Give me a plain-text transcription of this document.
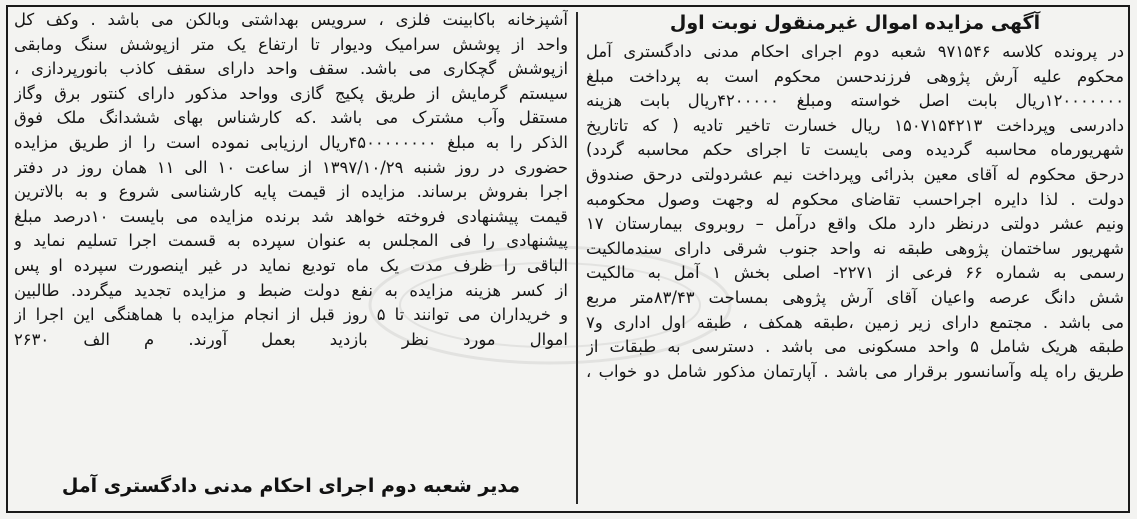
آگهی مزایده اموال غیرمنقول نوبت اول
در پرونده کلاسه ۹۷۱۵۴۶ شعبه دوم اجرای احکام مدنی دادگستری آمل
محکوم علیه آرش پژوهی فرزندحسن محکوم است به پرداخت مبلغ
۱۲۰۰۰۰۰۰۰ریال بابت اصل خواسته ومبلغ ۴۲۰۰۰۰۰ریال بابت هزینه
دادرسی وپرداخت ۱۵۰۷۱۵۴۲۱۳ ریال خسارت تاخیر تادیه ( که تاتاریخ
شهریورماه محاسبه گردیده ومی بایست تا اجرای حکم محاسبه گردد)
درحق محکوم له آقای معین بذرائی وپرداخت نیم عشردولتی درحق صندوق
دولت . لذا دایره اجراحسب تقاضای محکوم له وجهت وصول محکومبه
ونیم عشر دولتی درنظر دارد ملک واقع درآمل – روبروی بیمارستان ۱۷
شهریور ساختمان پژوهی طبقه نه واحد جنوب شرقی دارای سندمالکیت
رسمی به شماره ۶۶ فرعی از ۲۲۷۱- اصلی بخش ۱ آمل به مالکیت
شش دانگ عرصه واعیان آقای آرش پژوهی بمساحت ۸۳/۴۳متر مربع
می باشد . مجتمع دارای زیر زمین ،طبقه همکف ، طبقه اول اداری و۷
طبقه هریک شامل ۵ واحد مسکونی می باشد . دسترسی به طبقات از
طریق راه پله وآسانسور برقرار می باشد . آپارتمان مذکور شامل دو خواب ،
آشپزخانه باکابینت فلزی ، سرویس بهداشتی وبالکن می باشد . وکف کل
واحد از پوشش سرامیک ودیوار تا ارتفاع یک متر ازپوشش سنگ ومابقی
ازپوشش گچکاری می باشد. سقف واحد دارای سقف کاذب بانورپردازی ،
سیستم گرمایش از طریق پکیج گازی وواحد مذکور دارای کنتور برق وگاز
مستقل وآب مشترک می باشد .که کارشناس بهای ششدانگ ملک فوق
الذکر را به مبلغ ۴۵۰۰۰۰۰۰۰۰ریال ارزیابی نموده است را از طریق مزایده
حضوری در روز شنبه ۱۳۹۷/۱۰/۲۹ از ساعت ۱۰ الی ۱۱ همان روز در دفتر
اجرا بفروش برساند. مزایده از قیمت پایه کارشناسی شروع و به بالاترین
قیمت پیشنهادی فروخته خواهد شد برنده مزایده می بایست ۱۰درصد مبلغ
پیشنهادی را فی المجلس به عنوان سپرده به قسمت اجرا تسلیم نماید و
الباقی را ظرف مدت یک ماه تودیع نماید در غیر اینصورت سپرده او پس
از کسر هزینه مزایده به نفع دولت ضبط و مزایده تجدید میگردد. طالبین
و خریداران می توانند تا ۵ روز قبل از انجام مزایده با هماهنگی این اجرا از
اموال مورد نظر بازدید بعمل آورند. م الف ۲۶۳۰
مدیر شعبه دوم اجرای احکام مدنی دادگستری آمل
